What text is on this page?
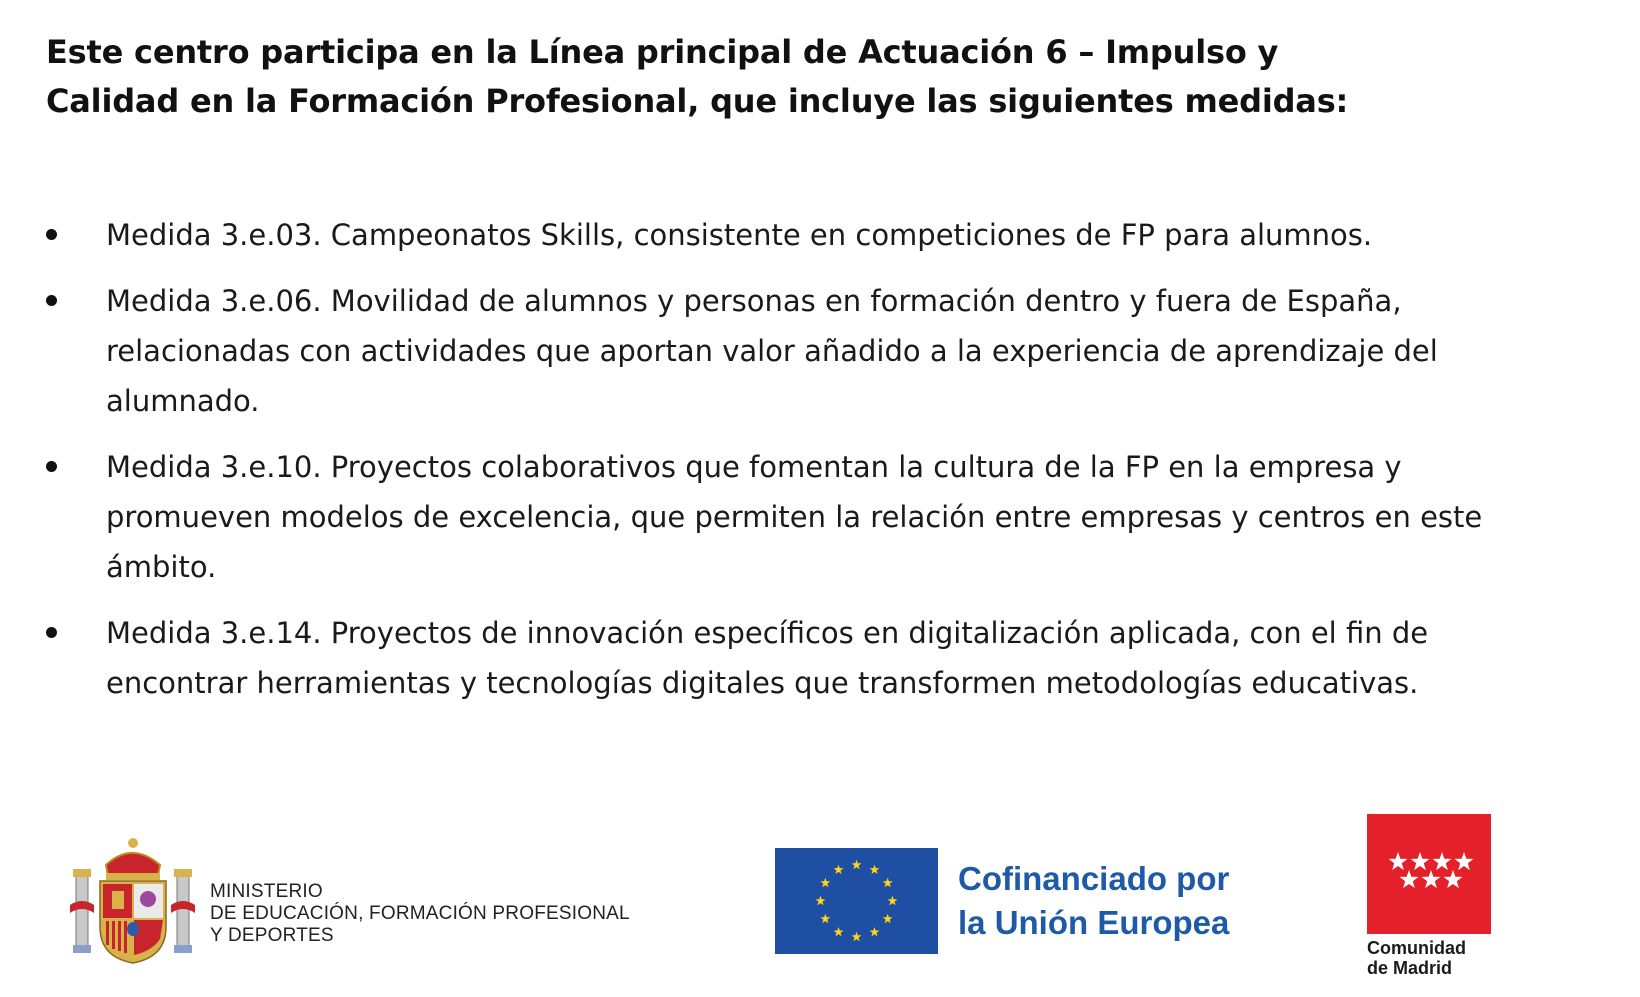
Este centro participa en la Línea principal de Actuación 6 – Impulso y
Calidad en la Formación Profesional, que incluye las siguientes medidas:
Medida 3.e.03. Campeonatos Skills, consistente en competiciones de FP para alumnos.
Medida 3.e.06. Movilidad de alumnos y personas en formación dentro y fuera de España, relacionadas con actividades que aportan valor añadido a la experiencia de aprendizaje del alumnado.
Medida 3.e.10. Proyectos colaborativos que fomentan la cultura de la FP en la empresa y promueven modelos de excelencia, que permiten la relación entre empresas y centros en este ámbito.
Medida 3.e.14. Proyectos de innovación específicos en digitalización aplicada, con el fin de encontrar herramientas y tecnologías digitales que transformen metodologías educativas.
MINISTERIO
DE EDUCACIÓN, FORMACIÓN PROFESIONAL
Y DEPORTES
Cofinanciado por
la Unión Europea
Comunidad
de Madrid
